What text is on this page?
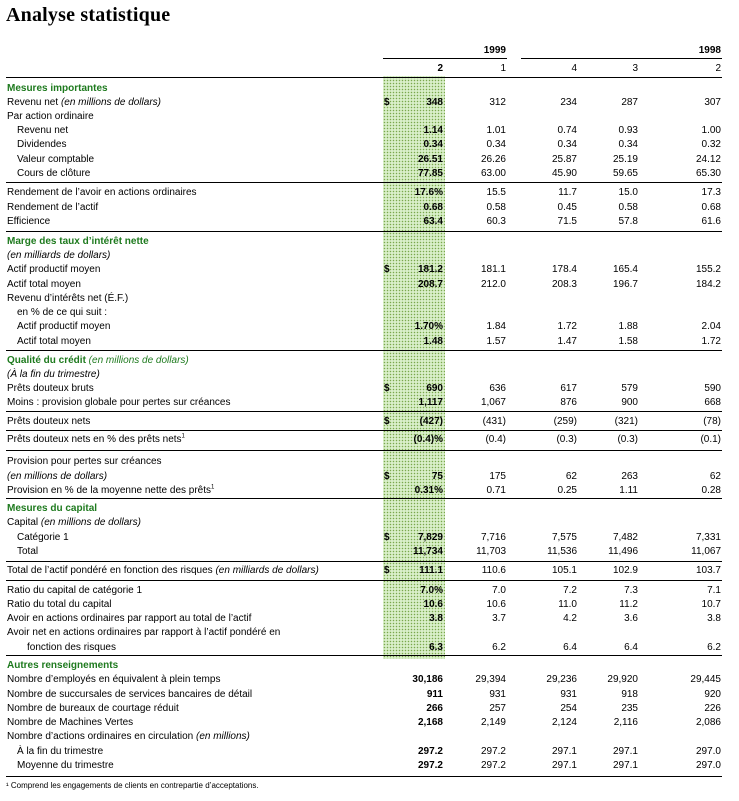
Analyse statistique
1999	1998
2	1	4	3	2
Mesures importantes
Revenu net (en millions de dollars)	$	348	312	234	287	307
Par action ordinaire
Revenu net	1.14	1.01	0.74	0.93	1.00
Dividendes	0.34	0.34	0.34	0.34	0.32
Valeur comptable	26.51	26.26	25.87	25.19	24.12
Cours de clôture	77.85	63.00	45.90	59.65	65.30
Rendement de l’avoir en actions ordinaires	17.6%	15.5	11.7	15.0	17.3
Rendement de l’actif	0.68	0.58	0.45	0.58	0.68
Efficience	63.4	60.3	71.5	57.8	61.6
Marge des taux d’intérêt nette
(en milliards de dollars)
Actif productif moyen	$	181.2	181.1	178.4	165.4	155.2
Actif total moyen	208.7	212.0	208.3	196.7	184.2
Revenu d’intérêts net (É.F.)
en % de ce qui suit :
Actif productif moyen	1.70%	1.84	1.72	1.88	2.04
Actif total moyen	1.48	1.57	1.47	1.58	1.72
Qualité du crédit (en millions de dollars)
(À la fin du trimestre)
Prêts douteux bruts	$	690	636	617	579	590
Moins : provision globale pour pertes sur créances	1,117	1,067	876	900	668
Prêts douteux nets	$	(427)	(431)	(259)	(321)	(78)
Prêts douteux nets en % des prêts nets$^1$	(0.4)%	(0.4)	(0.3)	(0.3)	(0.1)
Provision pour pertes sur créances
(en millions de dollars)	$	75	175	62	263	62
Provision en % de la moyenne nette des prêts$^1$	0.31%	0.71	0.25	1.11	0.28
Mesures du capital
Capital (en millions de dollars)
Catégorie 1	$	7,829	7,716	7,575	7,482	7,331
Total	11,734	11,703	11,536	11,496	11,067
Total de l’actif pondéré en fonction des risques (en milliards de dollars)	$	111.1	110.6	105.1	102.9	103.7
Ratio du capital de catégorie 1	7.0%	7.0	7.2	7.3	7.1
Ratio du total du capital	10.6	10.6	11.0	11.2	10.7
Avoir en actions ordinaires par rapport au total de l’actif	3.8	3.7	4.2	3.6	3.8
Avoir net en actions ordinaires par rapport à l’actif pondéré en
fonction des risques	6.3	6.2	6.4	6.4	6.2
Autres renseignements
Nombre d’employés en équivalent à plein temps	30,186	29,394	29,236	29,920	29,445
Nombre de succursales de services bancaires de détail	911	931	931	918	920
Nombre de bureaux de courtage réduit	266	257	254	235	226
Nombre de Machines Vertes	2,168	2,149	2,124	2,116	2,086
Nombre d’actions ordinaires en circulation (en millions)
À la fin du trimestre	297.2	297.2	297.1	297.1	297.0
Moyenne du trimestre	297.2	297.2	297.1	297.1	297.0
¹ Comprend les engagements de clients en contrepartie d’acceptations.
